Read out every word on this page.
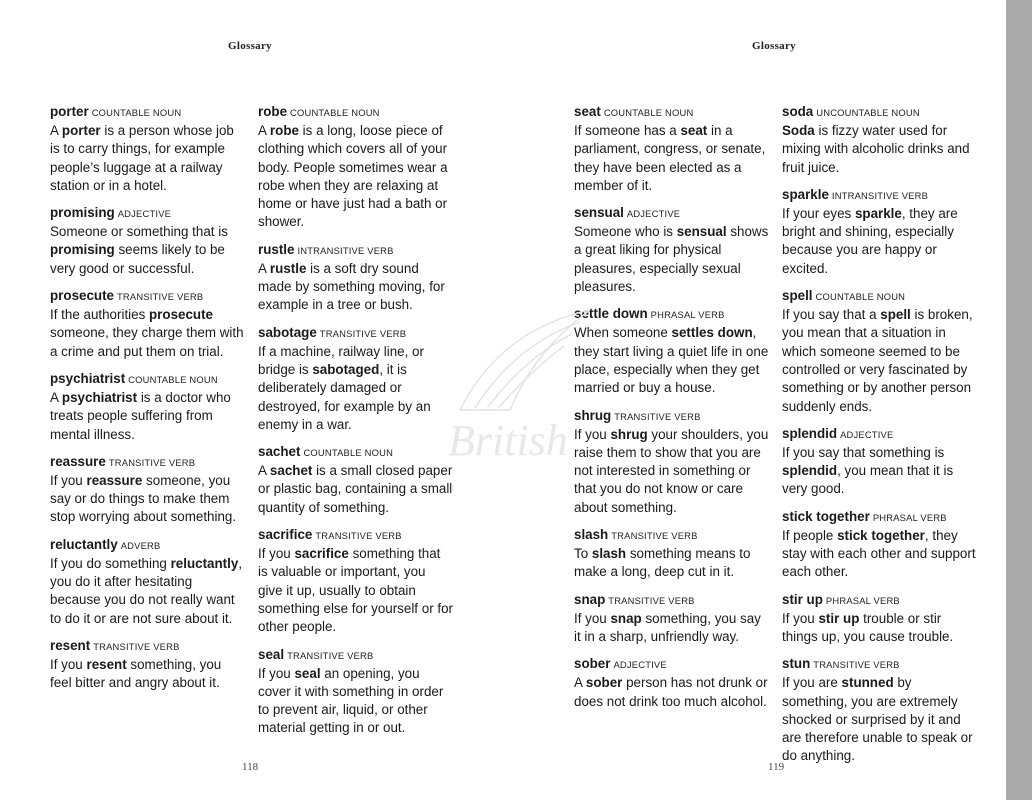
Glossary
porter COUNTABLE NOUN
A porter is a person whose job is to carry things, for example people’s luggage at a railway station or in a hotel.
promising ADJECTIVE
Someone or something that is promising seems likely to be very good or successful.
prosecute TRANSITIVE VERB
If the authorities prosecute someone, they charge them with a crime and put them on trial.
psychiatrist COUNTABLE NOUN
A psychiatrist is a doctor who treats people suffering from mental illness.
reassure TRANSITIVE VERB
If you reassure someone, you say or do things to make them stop worrying about something.
reluctantly ADVERB
If you do something reluctantly, you do it after hesitating because you do not really want to do it or are not sure about it.
resent TRANSITIVE VERB
If you resent something, you feel bitter and angry about it.
robe COUNTABLE NOUN
A robe is a long, loose piece of clothing which covers all of your body. People sometimes wear a robe when they are relaxing at home or have just had a bath or shower.
rustle INTRANSITIVE VERB
A rustle is a soft dry sound made by something moving, for example in a tree or bush.
sabotage TRANSITIVE VERB
If a machine, railway line, or bridge is sabotaged, it is deliberately damaged or destroyed, for example by an enemy in a war.
sachet COUNTABLE NOUN
A sachet is a small closed paper or plastic bag, containing a small quantity of something.
sacrifice TRANSITIVE VERB
If you sacrifice something that is valuable or important, you give it up, usually to obtain something else for yourself or for other people.
seal TRANSITIVE VERB
If you seal an opening, you cover it with something in order to prevent air, liquid, or other material getting in or out.
118
Glossary
seat COUNTABLE NOUN
If someone has a seat in a parliament, congress, or senate, they have been elected as a member of it.
sensual ADJECTIVE
Someone who is sensual shows a great liking for physical pleasures, especially sexual pleasures.
settle down PHRASAL VERB
When someone settles down, they start living a quiet life in one place, especially when they get married or buy a house.
shrug TRANSITIVE VERB
If you shrug your shoulders, you raise them to show that you are not interested in something or that you do not know or care about something.
slash TRANSITIVE VERB
To slash something means to make a long, deep cut in it.
snap TRANSITIVE VERB
If you snap something, you say it in a sharp, unfriendly way.
sober ADJECTIVE
A sober person has not drunk or does not drink too much alcohol.
soda UNCOUNTABLE NOUN
Soda is fizzy water used for mixing with alcoholic drinks and fruit juice.
sparkle INTRANSITIVE VERB
If your eyes sparkle, they are bright and shining, especially because you are happy or excited.
spell COUNTABLE NOUN
If you say that a spell is broken, you mean that a situation in which someone seemed to be controlled or very fascinated by something or by another person suddenly ends.
splendid ADJECTIVE
If you say that something is splendid, you mean that it is very good.
stick together PHRASAL VERB
If people stick together, they stay with each other and support each other.
stir up PHRASAL VERB
If you stir up trouble or stir things up, you cause trouble.
stun TRANSITIVE VERB
If you are stunned by something, you are extremely shocked or surprised by it and are therefore unable to speak or do anything.
119
British
